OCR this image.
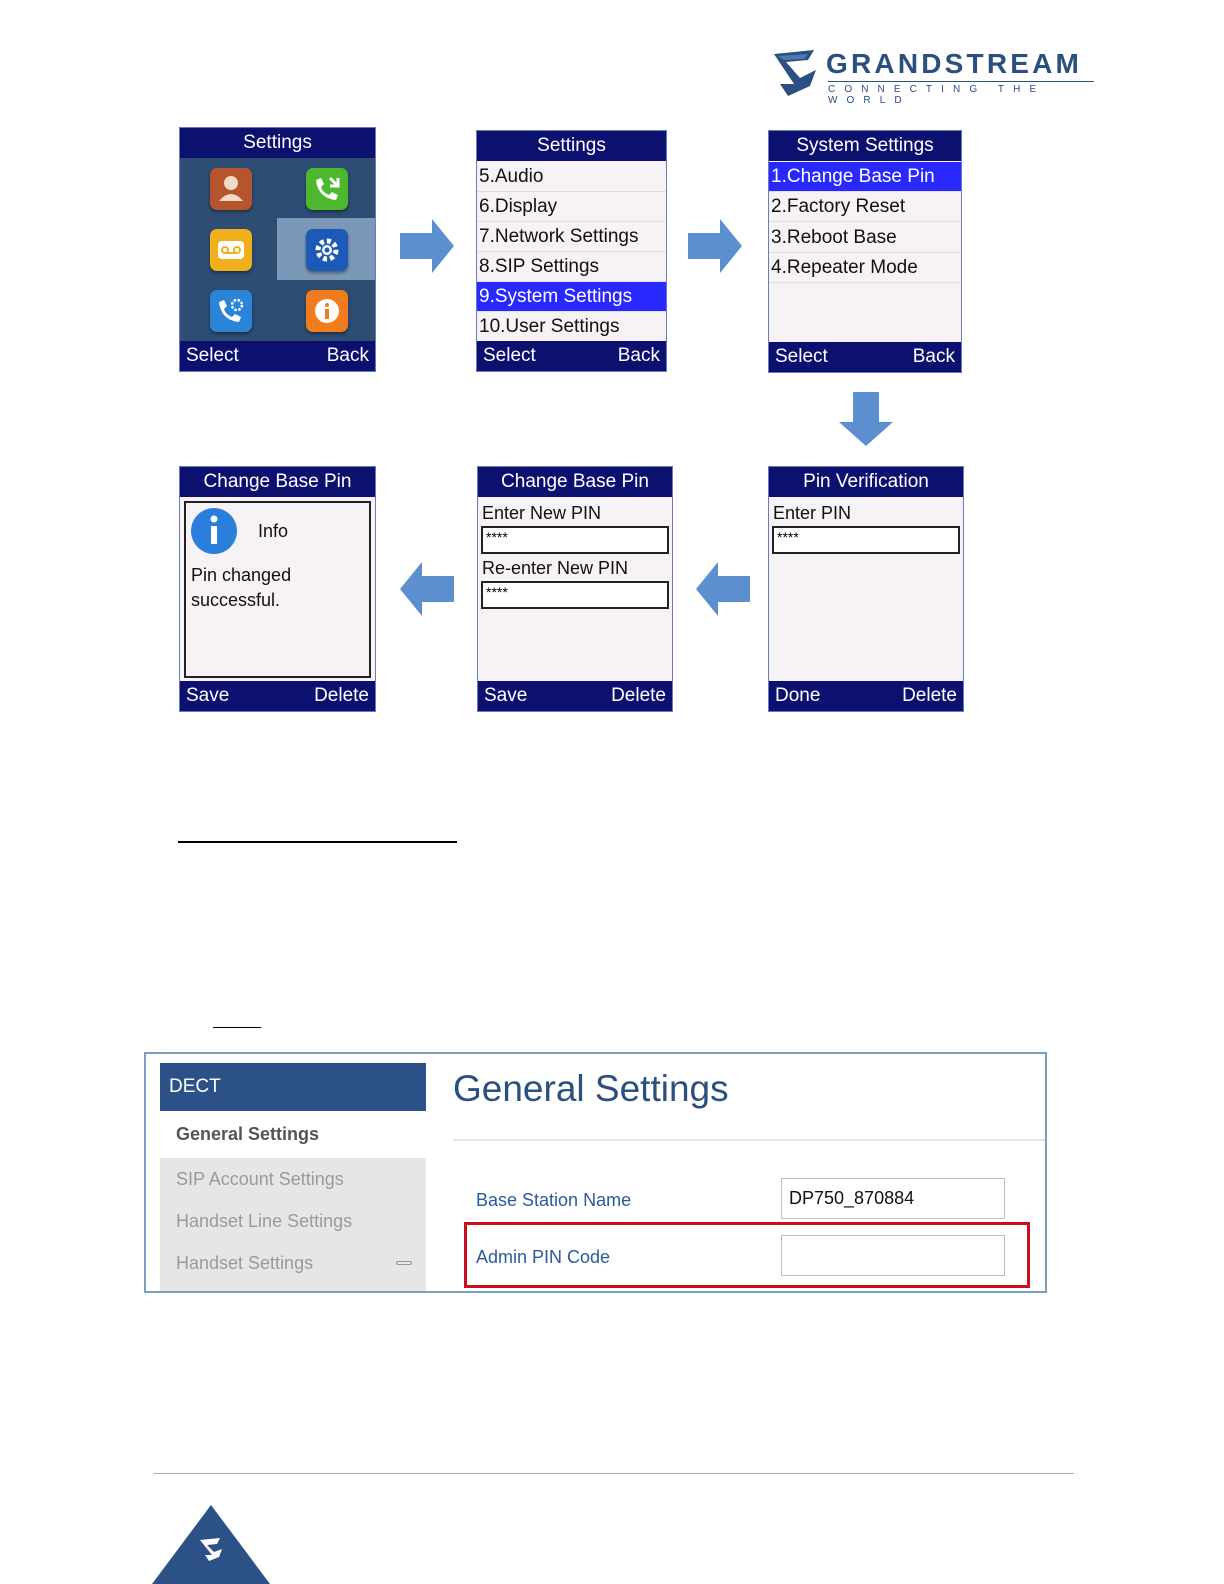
GRANDSTREAM
CONNECTING THE WORLD
Settings
Select	Back
Settings
5.Audio
6.Display
7.Network Settings
8.SIP Settings
9.System Settings
10.User Settings
Select	Back
System Settings
1.Change Base Pin
2.Factory Reset
3.Reboot Base
4.Repeater Mode
Select	Back
Change Base Pin
Info
Pin changed
successful.
Save	Delete
Change Base Pin
Enter New PIN
****
Re-enter New PIN
****
Save	Delete
Pin Verification
Enter PIN
****
Done	Delete
DECT
General Settings
SIP Account Settings
Handset Line Settings
Handset Settings
General Settings
Base Station Name	DP750_870884
Admin PIN Code
